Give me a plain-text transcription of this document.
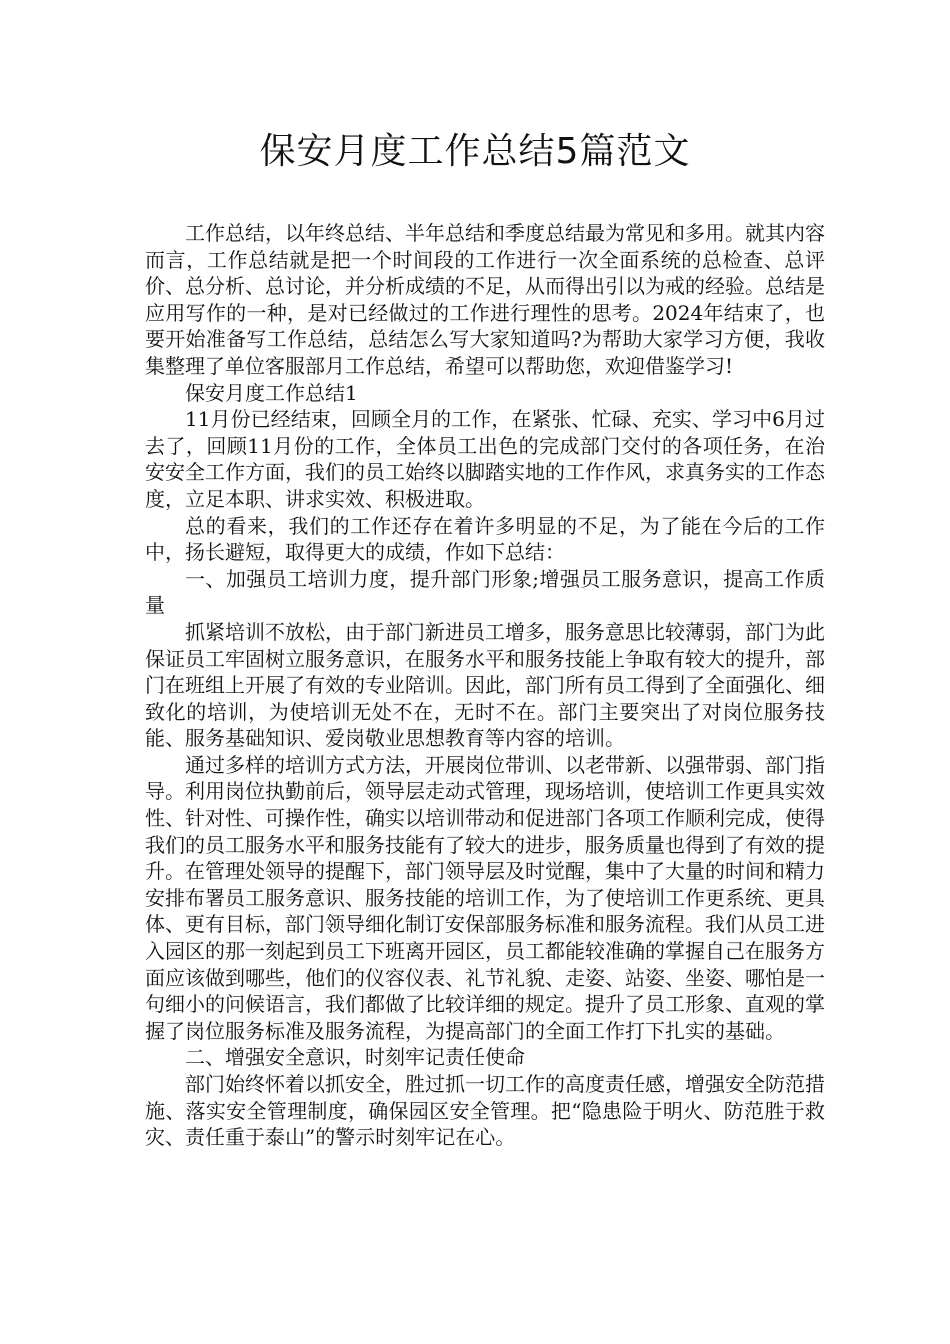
保安月度工作总结5篇范文

工作总结，以年终总结、半年总结和季度总结最为常见和多用。就其内容而言，工作总结就是把一个时间段的工作进行一次全面系统的总检查、总评价、总分析、总讨论，并分析成绩的不足，从而得出引以为戒的经验。总结是应用写作的一种，是对已经做过的工作进行理性的思考。2024年结束了，也要开始准备写工作总结，总结怎么写大家知道吗?为帮助大家学习方便，我收集整理了单位客服部月工作总结，希望可以帮助您，欢迎借鉴学习!

保安月度工作总结1

11月份已经结束，回顾全月的工作，在紧张、忙碌、充实、学习中6月过去了，回顾11月份的工作，全体员工出色的完成部门交付的各项任务，在治安安全工作方面，我们的员工始终以脚踏实地的工作作风，求真务实的工作态度，立足本职、讲求实效、积极进取。

总的看来，我们的工作还存在着许多明显的不足，为了能在今后的工作中，扬长避短，取得更大的成绩，作如下总结：

一、加强员工培训力度，提升部门形象;增强员工服务意识，提高工作质量

抓紧培训不放松，由于部门新进员工增多，服务意思比较薄弱，部门为此保证员工牢固树立服务意识，在服务水平和服务技能上争取有较大的提升，部门在班组上开展了有效的专业陪训。因此，部门所有员工得到了全面强化、细致化的培训，为使培训无处不在，无时不在。部门主要突出了对岗位服务技能、服务基础知识、爱岗敬业思想教育等内容的培训。

通过多样的培训方式方法，开展岗位带训、以老带新、以强带弱、部门指导。利用岗位执勤前后，领导层走动式管理，现场培训，使培训工作更具实效性、针对性、可操作性，确实以培训带动和促进部门各项工作顺利完成，使得我们的员工服务水平和服务技能有了较大的进步，服务质量也得到了有效的提升。在管理处领导的提醒下，部门领导层及时觉醒，集中了大量的时间和精力安排布署员工服务意识、服务技能的培训工作，为了使培训工作更系统、更具体、更有目标，部门领导细化制订安保部服务标准和服务流程。我们从员工进入园区的那一刻起到员工下班离开园区，员工都能较准确的掌握自己在服务方面应该做到哪些，他们的仪容仪表、礼节礼貌、走姿、站姿、坐姿、哪怕是一句细小的问候语言，我们都做了比较详细的规定。提升了员工形象、直观的掌握了岗位服务标准及服务流程，为提高部门的全面工作打下扎实的基础。

二、增强安全意识，时刻牢记责任使命

部门始终怀着以抓安全，胜过抓一切工作的高度责任感，增强安全防范措施、落实安全管理制度，确保园区安全管理。把“隐患险于明火、防范胜于救灾、责任重于泰山”的警示时刻牢记在心。
